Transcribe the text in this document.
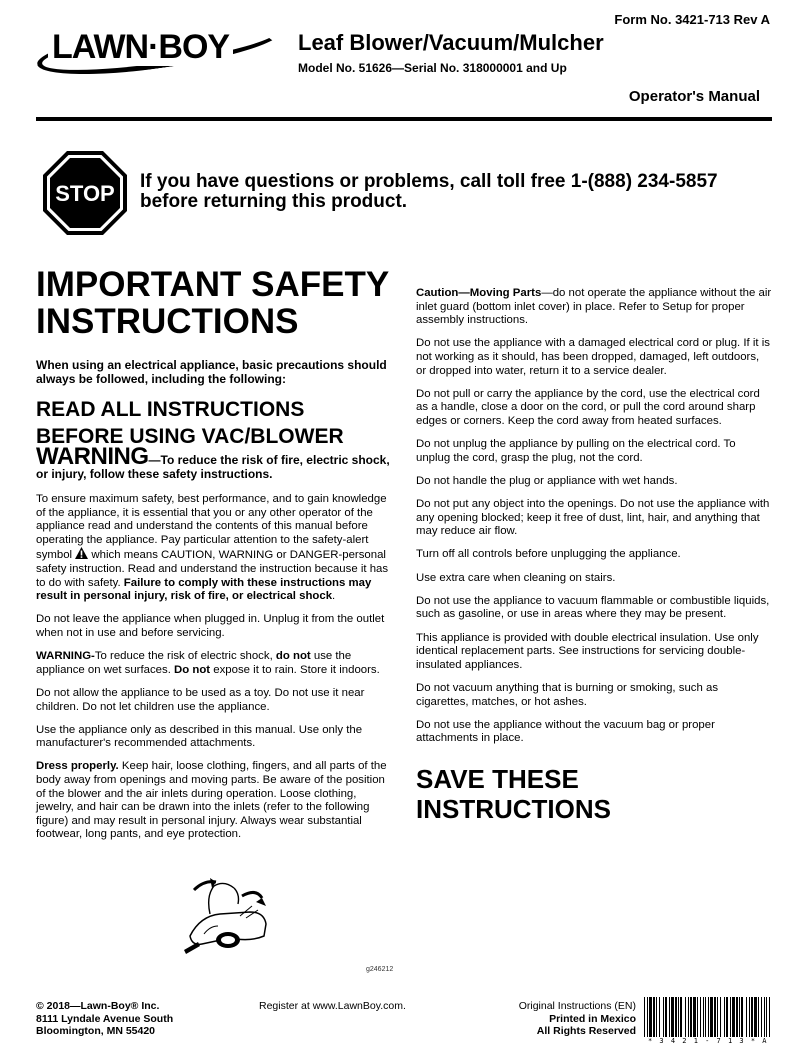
Form No. 3421-713 Rev A
LAWN·BOY	Leaf Blower/Vacuum/Mulcher
Model No. 51626—Serial No. 318000001 and Up
Operator's Manual
STOP If you have questions or problems, call toll free 1-(888) 234-5857
before returning this product.
IMPORTANT SAFETY
INSTRUCTIONS

When using an electrical appliance, basic precautions should always be followed, including the following:

READ ALL INSTRUCTIONS
BEFORE USING VAC/BLOWER

WARNING—To reduce the risk of fire, electric shock, or injury, follow these safety instructions.

To ensure maximum safety, best performance, and to gain knowledge of the appliance, it is essential that you or any other operator of the appliance read and understand the contents of this manual before operating the appliance. Pay particular attention to the safety-alert symbol  which means CAUTION, WARNING or DANGER-personal safety instruction. Read and understand the instruction because it has to do with safety. Failure to comply with these instructions may result in personal injury, risk of fire, or electrical shock.

Do not leave the appliance when plugged in. Unplug it from the outlet when not in use and before servicing.

WARNING-To reduce the risk of electric shock, do not use the appliance on wet surfaces. Do not expose it to rain. Store it indoors.

Do not allow the appliance to be used as a toy. Do not use it near children. Do not let children use the appliance.

Use the appliance only as described in this manual. Use only the manufacturer's recommended attachments.

Dress properly. Keep hair, loose clothing, fingers, and all parts of the body away from openings and moving parts. Be aware of the position of the blower and the air inlets during operation. Loose clothing, jewelry, and hair can be drawn into the inlets (refer to the following figure) and may result in personal injury. Always wear substantial footwear, long pants, and eye protection.

g246212

Caution—Moving Parts—do not operate the appliance without the air inlet guard (bottom inlet cover) in place. Refer to Setup for proper assembly instructions.

Do not use the appliance with a damaged electrical cord or plug. If it is not working as it should, has been dropped, damaged, left outdoors, or dropped into water, return it to a service dealer.

Do not pull or carry the appliance by the cord, use the electrical cord as a handle, close a door on the cord, or pull the cord around sharp edges or corners. Keep the cord away from heated surfaces.

Do not unplug the appliance by pulling on the electrical cord. To unplug the cord, grasp the plug, not the cord.

Do not handle the plug or appliance with wet hands.

Do not put any object into the openings. Do not use the appliance with any opening blocked; keep it free of dust, lint, hair, and anything that may reduce air flow.

Turn off all controls before unplugging the appliance.

Use extra care when cleaning on stairs.

Do not use the appliance to vacuum flammable or combustible liquids, such as gasoline, or use in areas where they may be present.

This appliance is provided with double electrical insulation. Use only identical replacement parts. See instructions for servicing double-insulated appliances.

Do not vacuum anything that is burning or smoking, such as cigarettes, matches, or hot ashes.

Do not use the appliance without the vacuum bag or proper attachments in place.

SAVE THESE
INSTRUCTIONS
© 2018—Lawn-Boy® Inc.
8111 Lyndale Avenue South
Bloomington, MN 55420
Register at www.LawnBoy.com.	Original Instructions (EN)
Printed in Mexico
All Rights Reserved
* 3 4 2 1 - 7 1 3 * A
